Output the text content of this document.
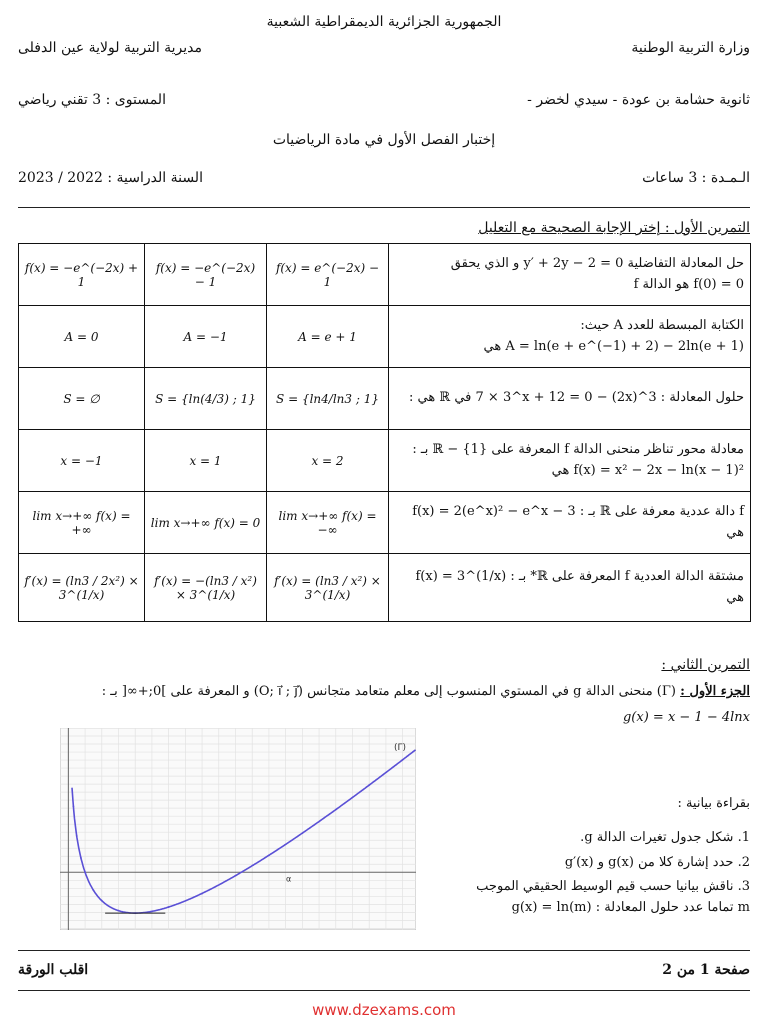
الجمهورية الجزائرية الديمقراطية الشعبية
وزارة التربية الوطنية
مديرية التربية لولاية عين الدفلى
ثانوية حشامة بن عودة - سيدي لخضر -
المستوى : 3 تقني رياضي
إختبار الفصل الأول في مادة الرياضيات
الـمـدة : 3 ساعات
السنة الدراسية : 2022 / 2023
التمرين الأول : إختر الإجابة الصحيحة مع التعليل
f(x) = −e^(−2x) + 1	f(x) = −e^(−2x) − 1	f(x) = e^(−2x) − 1	حل المعادلة التفاضلية y′ + 2y − 2 = 0 و الذي يحقق
f(0) = 0 هو الدالة f

A = 0	A = −1	A = e + 1	الكتابة المبسطة للعدد A حيث:
A = ln(e + e^(−1) + 2) − 2ln(e + 1) هي

S = ∅	S = {ln(4/3) ; 1}	S = {ln4/ln3 ; 1}	حلول المعادلة : 3^(2x) − 7 × 3^x + 12 = 0 في ℝ هي :

x = −1	x = 1	x = 2	معادلة محور تناظر منحنى الدالة f المعرفة على ℝ − {1} بـ :
f(x) = x² − 2x − ln(x − 1)² هي

lim x→+∞ f(x) = +∞	lim x→+∞ f(x) = 0	lim x→+∞ f(x) = −∞	f دالة عددية معرفة على ℝ بـ : f(x) = 2(e^x)² − e^x − 3
هي

f′(x) = (ln3 / 2x²) × 3^(1/x)	f′(x) = −(ln3 / x²) × 3^(1/x)	f′(x) = (ln3 / x²) × 3^(1/x)	مشتقة الدالة العددية f المعرفة على ℝ* بـ : f(x) = 3^(1/x)
هي
التمرين الثاني :
الجزء الأول : (Γ) منحنى الدالة g في المستوي المنسوب إلى معلم متعامد متجانس (O; i⃗ ; j⃗) و المعرفة على ]0;+∞[ بـ :
g(x) = x − 1 − 4lnx
α
(Γ)
بقراءة بيانية :
1. شكل جدول تغيرات الدالة g.
2. حدد إشارة كلا من g(x) و g′(x)
3. ناقش بيانيا حسب قيم الوسيط الحقيقي الموجب
m تماما عدد حلول المعادلة : g(x) = ln(m)
صفحة 1 من 2
اقلب الورقة
www.dzexams.com
